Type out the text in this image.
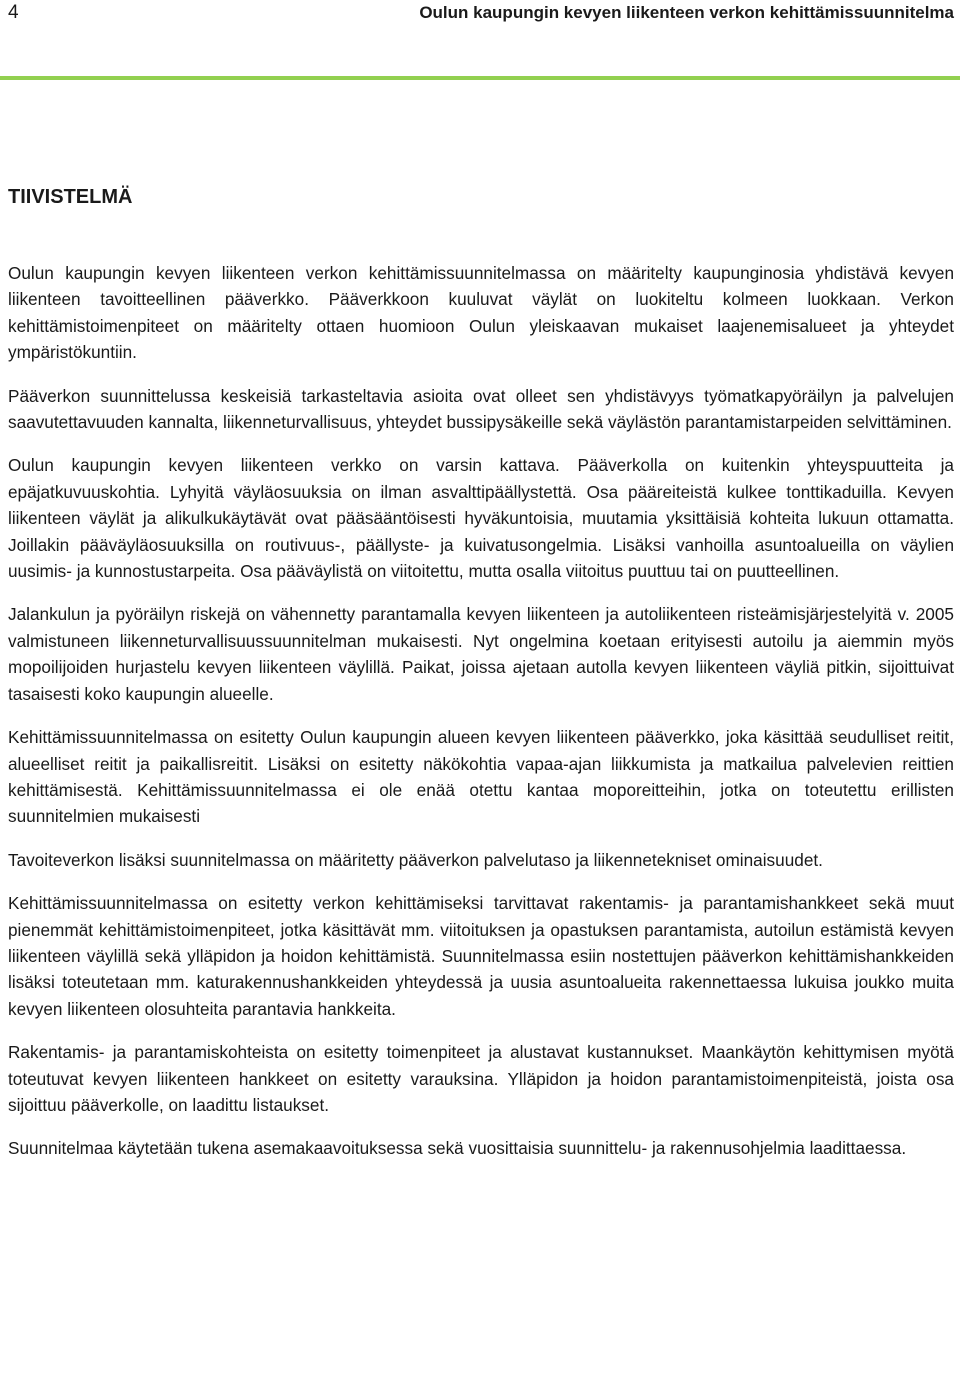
4	Oulun kaupungin kevyen liikenteen verkon kehittämissuunnitelma
TIIVISTELMÄ

Oulun kaupungin kevyen liikenteen verkon kehittämissuunnitelmassa on määritelty kaupunginosia yhdistävä kevyen liikenteen tavoitteellinen pääverkko. Pääverkkoon kuuluvat väylät on luokiteltu kolmeen luokkaan. Verkon kehittämistoimenpiteet on määritelty ottaen huomioon Oulun yleiskaavan mukaiset laajenemisalueet ja yhteydet ympäristökuntiin.

Pääverkon suunnittelussa keskeisiä tarkasteltavia asioita ovat olleet sen yhdistävyys työmatkapyöräilyn ja palvelujen saavutettavuuden kannalta, liikenneturvallisuus, yhteydet bussipysäkeille sekä väylästön parantamistarpeiden selvittäminen.

Oulun kaupungin kevyen liikenteen verkko on varsin kattava. Pääverkolla on kuitenkin yhteyspuutteita ja epäjatkuvuuskohtia. Lyhyitä väyläosuuksia on ilman asvalttipäällystettä. Osa pääreiteistä kulkee tonttikaduilla. Kevyen liikenteen väylät ja alikulkukäytävät ovat pääsääntöisesti hyväkuntoisia, muutamia yksittäisiä kohteita lukuun ottamatta. Joillakin pääväyläosuuksilla on routivuus-, päällyste- ja kuivatusongelmia. Lisäksi vanhoilla asuntoalueilla on väylien uusimis- ja kunnostustarpeita. Osa pääväylistä on viitoitettu, mutta osalla viitoitus puuttuu tai on puutteellinen.

Jalankulun ja pyöräilyn riskejä on vähennetty parantamalla kevyen liikenteen ja autoliikenteen risteämisjärjestelyitä v. 2005 valmistuneen liikenneturvallisuussuunnitelman mukaisesti. Nyt ongelmina koetaan erityisesti autoilu ja aiemmin myös mopoilijoiden hurjastelu kevyen liikenteen väylillä. Paikat, joissa ajetaan autolla kevyen liikenteen väyliä pitkin, sijoittuivat tasaisesti koko kaupungin alueelle.

Kehittämissuunnitelmassa on esitetty Oulun kaupungin alueen kevyen liikenteen pääverkko, joka käsittää seudulliset reitit, alueelliset reitit ja paikallisreitit. Lisäksi on esitetty näkökohtia vapaa-ajan liikkumista ja matkailua palvelevien reittien kehittämisestä. Kehittämissuunnitelmassa ei ole enää otettu kantaa moporeitteihin, jotka on toteutettu erillisten suunnitelmien mukaisesti

Tavoiteverkon lisäksi suunnitelmassa on määritetty pääverkon palvelutaso ja liikennetekniset ominaisuudet.

Kehittämissuunnitelmassa on esitetty verkon kehittämiseksi tarvittavat rakentamis- ja parantamishankkeet sekä muut pienemmät kehittämistoimenpiteet, jotka käsittävät mm. viitoituksen ja opastuksen parantamista, autoilun estämistä kevyen liikenteen väylillä sekä ylläpidon ja hoidon kehittämistä. Suunnitelmassa esiin nostettujen pääverkon kehittämishankkeiden lisäksi toteutetaan mm. katurakennushankkeiden yhteydessä ja uusia asuntoalueita rakennettaessa lukuisa joukko muita kevyen liikenteen olosuhteita parantavia hankkeita.

Rakentamis- ja parantamiskohteista on esitetty toimenpiteet ja alustavat kustannukset. Maankäytön kehittymisen myötä toteutuvat kevyen liikenteen hankkeet on esitetty varauksina. Ylläpidon ja hoidon parantamistoimenpiteistä, joista osa sijoittuu pääverkolle, on laadittu listaukset.

Suunnitelmaa käytetään tukena asemakaavoituksessa sekä vuosittaisia suunnittelu- ja rakennusohjelmia laadittaessa.
